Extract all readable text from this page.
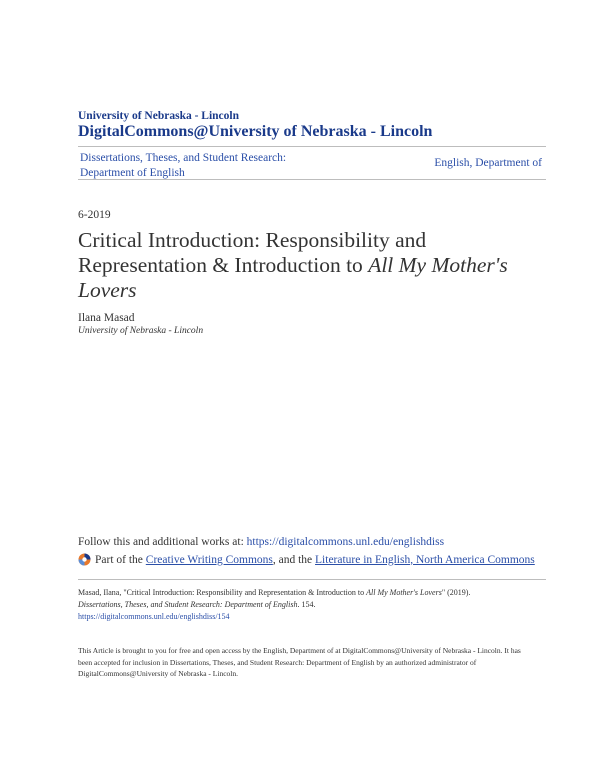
University of Nebraska - Lincoln
DigitalCommons@University of Nebraska - Lincoln
Dissertations, Theses, and Student Research:
Department of English
English, Department of
6-2019
Critical Introduction: Responsibility and Representation & Introduction to All My Mother's Lovers
Ilana Masad
University of Nebraska - Lincoln
Follow this and additional works at: https://digitalcommons.unl.edu/englishdiss
Part of the
Creative Writing Commons , and the
Literature in English, North America Commons
Masad, Ilana, "Critical Introduction: Responsibility and Representation & Introduction to All My Mother's Lovers" (2019).
Dissertations, Theses, and Student Research: Department of English. 154.
https://digitalcommons.unl.edu/englishdiss/154
This Article is brought to you for free and open access by the English, Department of at DigitalCommons@University of Nebraska - Lincoln. It has been accepted for inclusion in Dissertations, Theses, and Student Research: Department of English by an authorized administrator of DigitalCommons@University of Nebraska - Lincoln.
